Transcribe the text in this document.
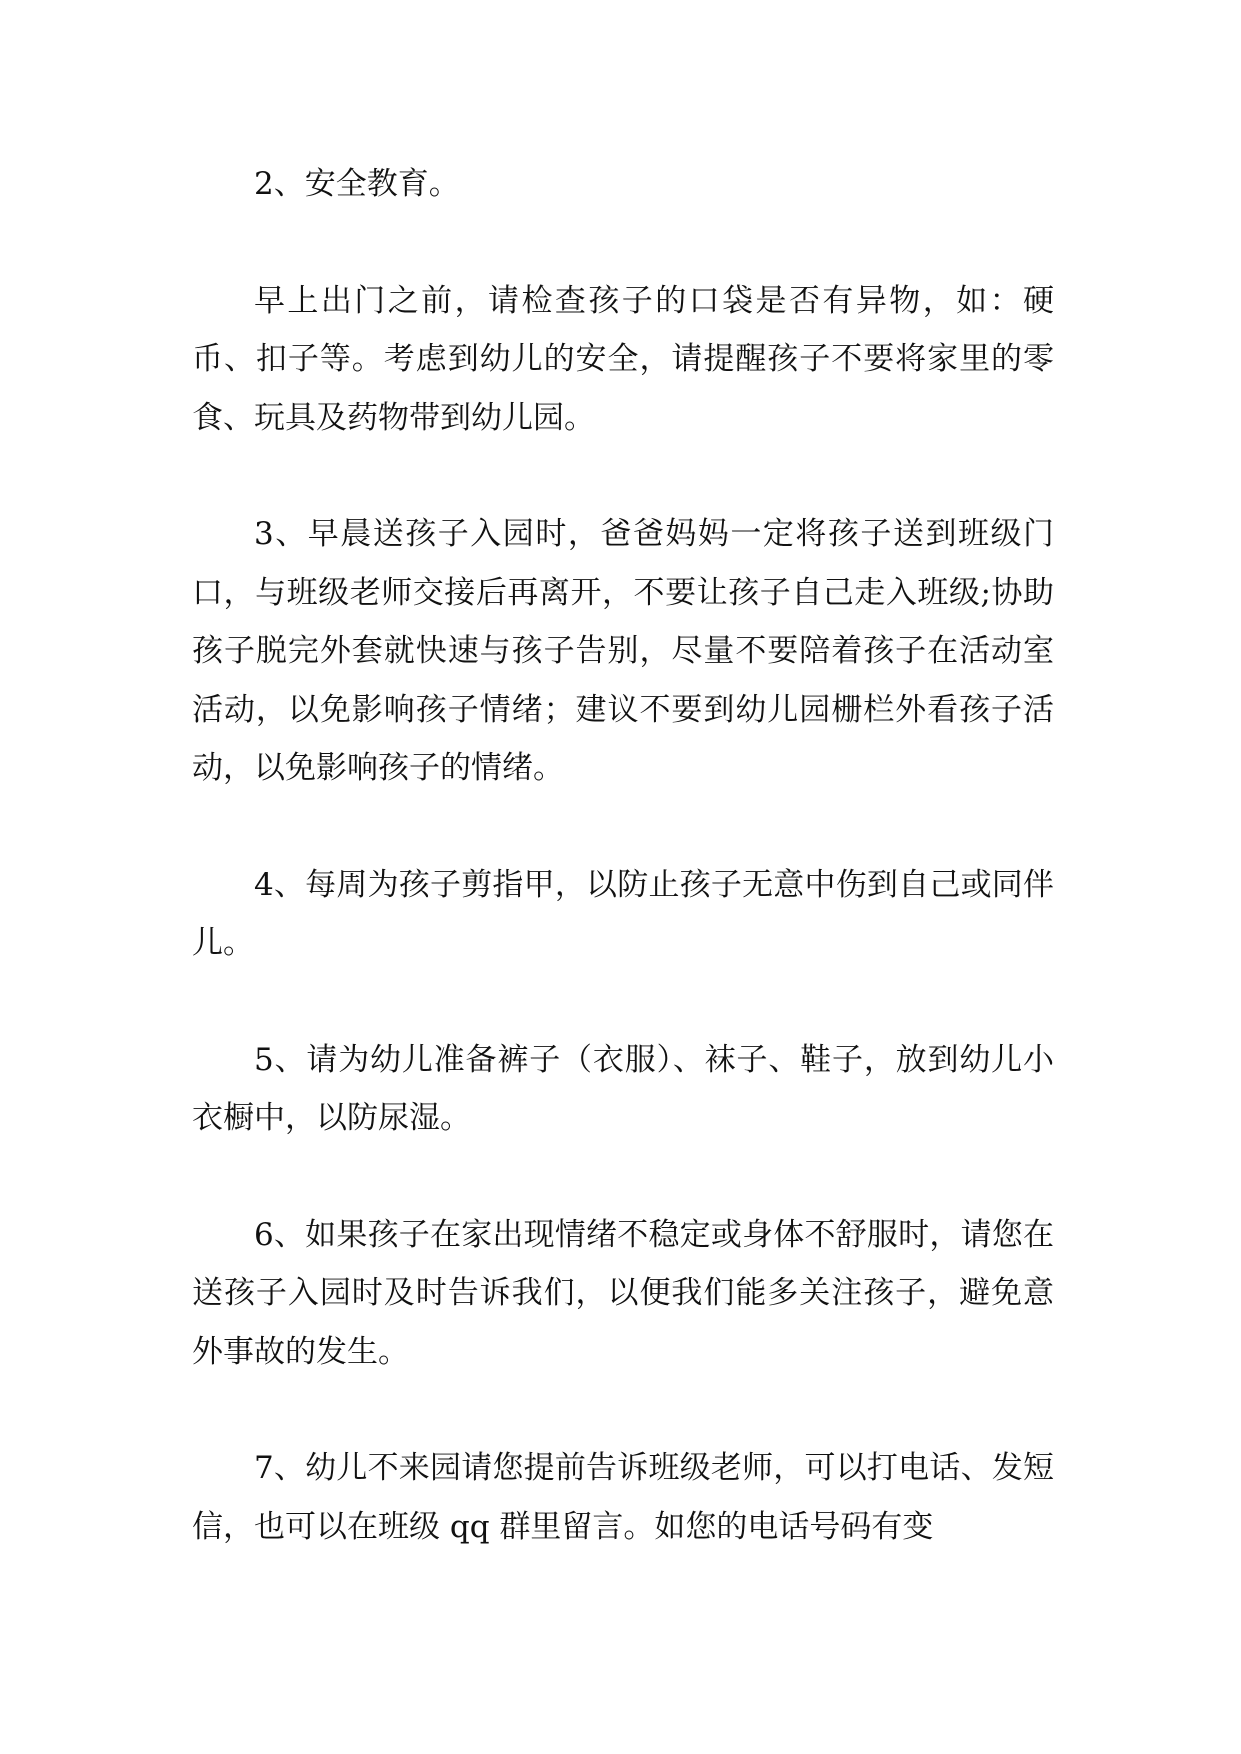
2、安全教育。

早上出门之前，请检查孩子的口袋是否有异物，如：硬币、扣子等。考虑到幼儿的安全，请提醒孩子不要将家里的零食、玩具及药物带到幼儿园。

3、早晨送孩子入园时，爸爸妈妈一定将孩子送到班级门口，与班级老师交接后再离开，不要让孩子自己走入班级;协助孩子脱完外套就快速与孩子告别，尽量不要陪着孩子在活动室活动，以免影响孩子情绪；建议不要到幼儿园栅栏外看孩子活动，以免影响孩子的情绪。

4、每周为孩子剪指甲，以防止孩子无意中伤到自己或同伴儿。

5、请为幼儿准备裤子（衣服）、袜子、鞋子，放到幼儿小衣橱中，以防尿湿。

6、如果孩子在家出现情绪不稳定或身体不舒服时，请您在送孩子入园时及时告诉我们，以便我们能多关注孩子，避免意外事故的发生。

7、幼儿不来园请您提前告诉班级老师，可以打电话、发短信，也可以在班级 qq 群里留言。如您的电话号码有变
